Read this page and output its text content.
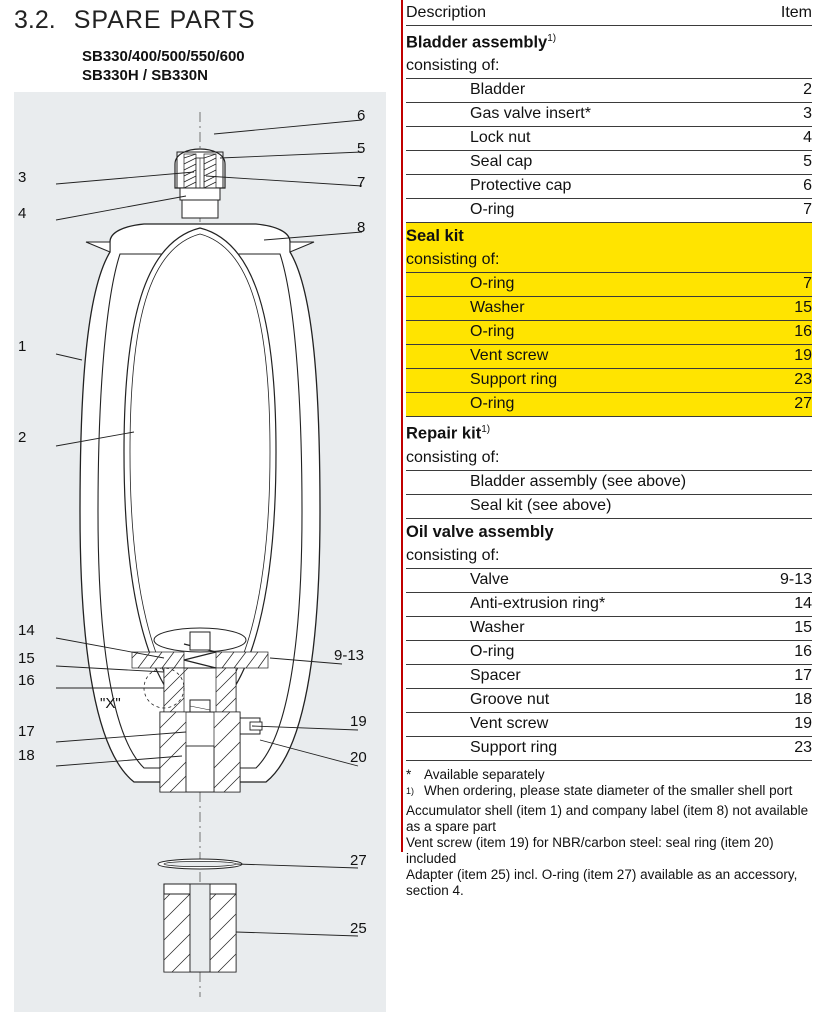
3.2. SPARE PARTS
SB330/400/500/550/600
SB330H / SB330N
6
5
3	7
4
8
1
2
14
15	9-13
16
"X"
19
17
20
18
27
25
Description	Item
Bladder assembly$^{1)}$	
consisting of:	
Bladder	2
Gas valve insert*	3
Lock nut	4
Seal cap	5
Protective cap	6
O-ring	7
Seal kit	
consisting of:	
O-ring	7
Washer	15
O-ring	16
Vent screw	19
Support ring	23
O-ring	27
Repair kit$^{1)}$	
consisting of:	
Bladder assembly (see above)	
Seal kit (see above)	
Oil valve assembly	
consisting of:	
Valve	9-13
Anti-extrusion ring*	14
Washer	15
O-ring	16
Spacer	17
Groove nut	18
Vent screw	19
Support ring	23
* Available separately
$^{1)}$ When ordering, please state diameter of the smaller shell port
Accumulator shell (item 1) and company label (item 8) not available as a spare part
Vent screw (item 19) for NBR/carbon steel: seal ring (item 20) included
Adapter (item 25) incl. O-ring (item 27) available as an accessory, section 4.
